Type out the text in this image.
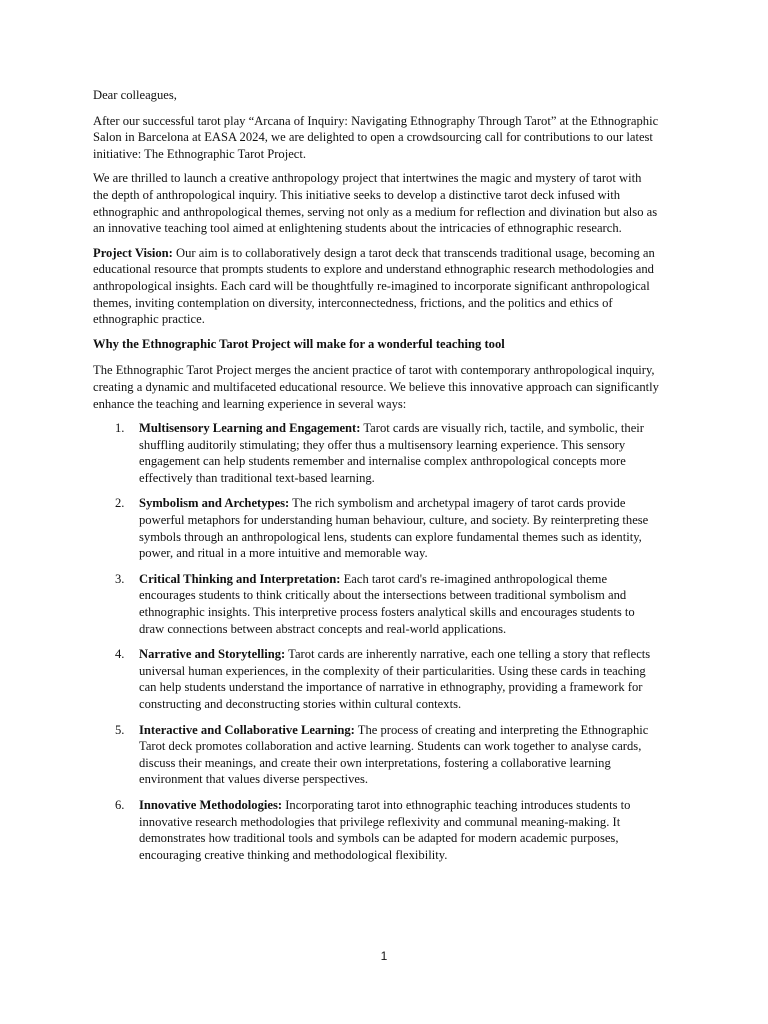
Dear colleagues,

After our successful tarot play “Arcana of Inquiry: Navigating Ethnography Through Tarot” at the Ethnographic Salon in Barcelona at EASA 2024, we are delighted to open a crowdsourcing call for contributions to our latest initiative: The Ethnographic Tarot Project.

We are thrilled to launch a creative anthropology project that intertwines the magic and mystery of tarot with the depth of anthropological inquiry. This initiative seeks to develop a distinctive tarot deck infused with ethnographic and anthropological themes, serving not only as a medium for reflection and divination but also as an innovative teaching tool aimed at enlightening students about the intricacies of ethnographic research.

Project Vision: Our aim is to collaboratively design a tarot deck that transcends traditional usage, becoming an educational resource that prompts students to explore and understand ethnographic research methodologies and anthropological insights. Each card will be thoughtfully re-imagined to incorporate significant anthropological themes, inviting contemplation on diversity, interconnectedness, frictions, and the politics and ethics of ethnographic practice.

Why the Ethnographic Tarot Project will make for a wonderful teaching tool

The Ethnographic Tarot Project merges the ancient practice of tarot with contemporary anthropological inquiry, creating a dynamic and multifaceted educational resource. We believe this innovative approach can significantly enhance the teaching and learning experience in several ways:

1. Multisensory Learning and Engagement: Tarot cards are visually rich, tactile, and symbolic, their shuffling auditorily stimulating; they offer thus a multisensory learning experience. This sensory engagement can help students remember and internalise complex anthropological concepts more effectively than traditional text-based learning.
2. Symbolism and Archetypes: The rich symbolism and archetypal imagery of tarot cards provide powerful metaphors for understanding human behaviour, culture, and society. By reinterpreting these symbols through an anthropological lens, students can explore fundamental themes such as identity, power, and ritual in a more intuitive and memorable way.
3. Critical Thinking and Interpretation: Each tarot card's re-imagined anthropological theme encourages students to think critically about the intersections between traditional symbolism and ethnographic insights. This interpretive process fosters analytical skills and encourages students to draw connections between abstract concepts and real-world applications.
4. Narrative and Storytelling: Tarot cards are inherently narrative, each one telling a story that reflects universal human experiences, in the complexity of their particularities. Using these cards in teaching can help students understand the importance of narrative in ethnography, providing a framework for constructing and deconstructing stories within cultural contexts.
5. Interactive and Collaborative Learning: The process of creating and interpreting the Ethnographic Tarot deck promotes collaboration and active learning. Students can work together to analyse cards, discuss their meanings, and create their own interpretations, fostering a collaborative learning environment that values diverse perspectives.
6. Innovative Methodologies: Incorporating tarot into ethnographic teaching introduces students to innovative research methodologies that privilege reflexivity and communal meaning-making. It demonstrates how traditional tools and symbols can be adapted for modern academic purposes, encouraging creative thinking and methodological flexibility.
1
